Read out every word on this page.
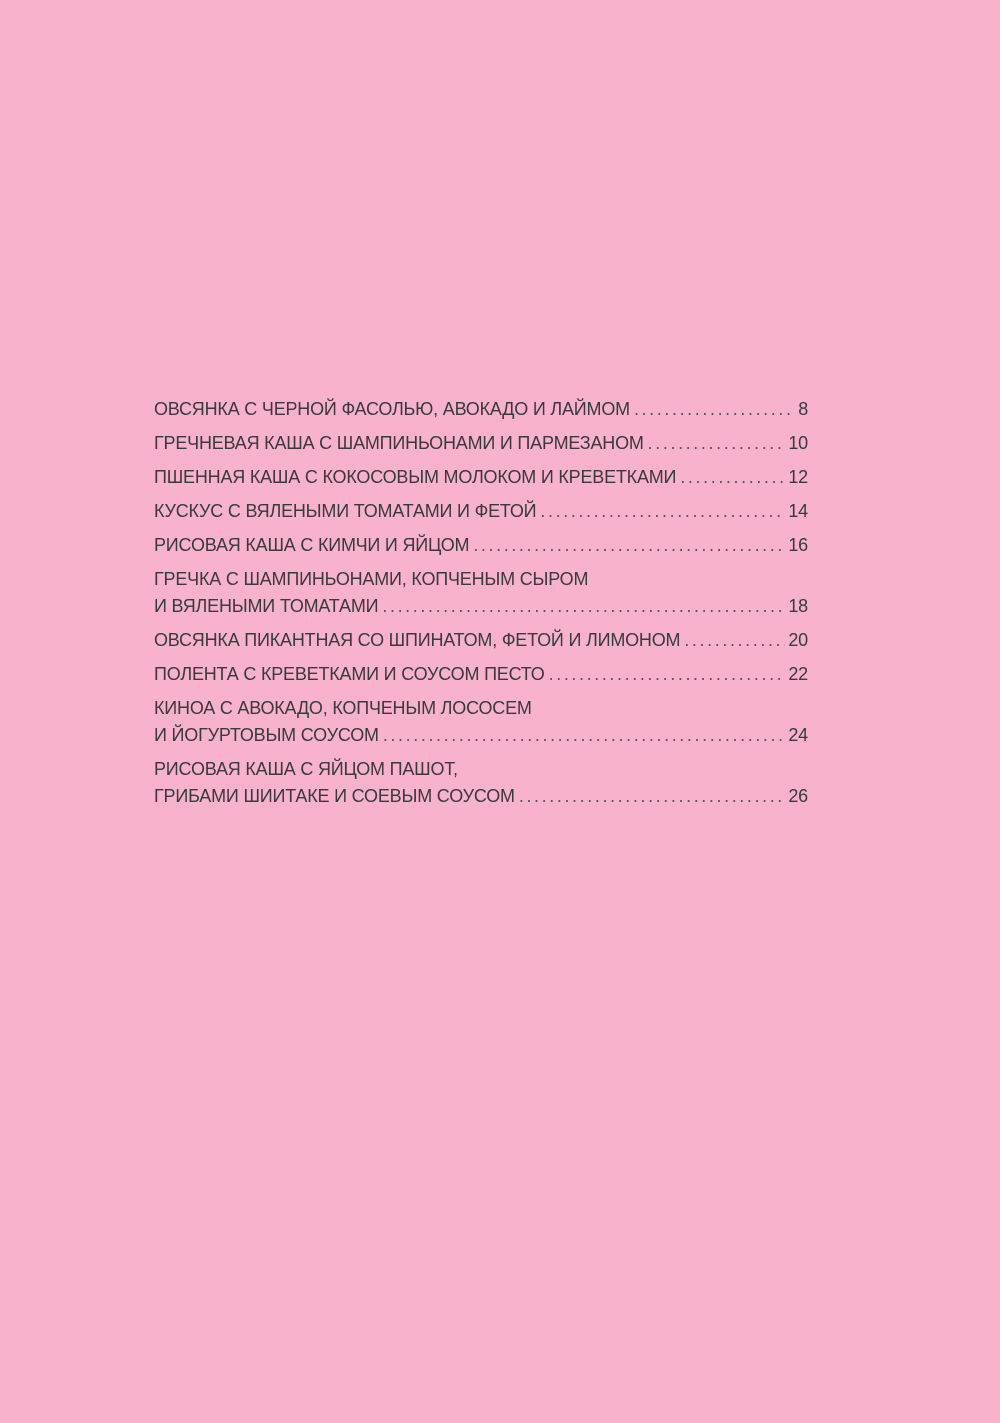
ОВСЯНКА С ЧЕРНОЙ ФАСОЛЬЮ, АВОКАДО И ЛАЙМОМ . . .	8
ГРЕЧНЕВАЯ КАША С ШАМПИНЬОНАМИ И ПАРМЕЗАНОМ . . .	10
ПШЕННАЯ КАША С КОКОСОВЫМ МОЛОКОМ И КРЕВЕТКАМИ . . .	12
КУСКУС С ВЯЛЕНЫМИ ТОМАТАМИ И ФЕТОЙ . . .	14
РИСОВАЯ КАША С КИМЧИ И ЯЙЦОМ . . .	16
ГРЕЧКА С ШАМПИНЬОНАМИ, КОПЧЕНЫМ СЫРОМ
И ВЯЛЕНЫМИ ТОМАТАМИ . . .	18
ОВСЯНКА ПИКАНТНАЯ СО ШПИНАТОМ, ФЕТОЙ И ЛИМОНОМ . . .	20
ПОЛЕНТА С КРЕВЕТКАМИ И СОУСОМ ПЕСТО . . .	22
КИНОА С АВОКАДО, КОПЧЕНЫМ ЛОСОСЕМ
И ЙОГУРТОВЫМ СОУСОМ . . .	24
РИСОВАЯ КАША С ЯЙЦОМ ПАШОТ,
ГРИБАМИ ШИИТАКЕ И СОЕВЫМ СОУСОМ . . .	26
